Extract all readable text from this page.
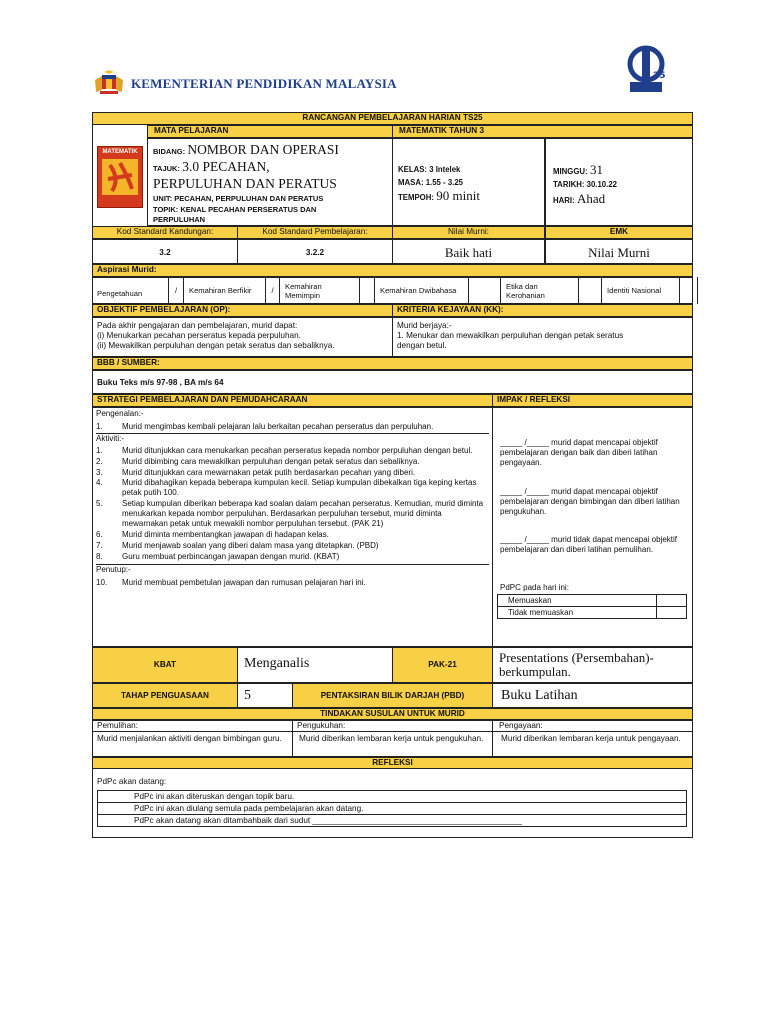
KEMENTERIAN PENDIDIKAN MALAYSIA	25
RANCANGAN PEMBELAJARAN HARIAN TS25
MATA PELAJARAN	MATEMATIK TAHUN 3
MATEMATIK	BIDANG: NOMBOR DAN OPERASI
TAJUK: 3.0 PECAHAN,
PERPULUHAN DAN PERATUS
UNIT: PECAHAN, PERPULUHAN DAN PERATUS
TOPIK: KENAL PECAHAN PERSERATUS DAN
PERPULUHAN
KELAS: 3 Intelek
MASA: 1.55 - 3.25
TEMPOH: 90 minit
MINGGU: 31
TARIKH: 30.10.22
HARI: Ahad
Kod Standard Kandungan:	Kod Standard Pembelajaran:	Nilai Murni:	EMK
3.2	3.2.2	Baik hati	Nilai Murni
Aspirasi Murid:
Pengetahuan	/	Kemahiran Berfikir	/	Kemahiran Memimpin	Kemahiran Dwibahasa	Etika dan Kerohanian	Identiti Nasional
OBJEKTIF PEMBELAJARAN (OP):	KRITERIA KEJAYAAN (KK):
Pada akhir pengajaran dan pembelajaran, murid dapat:
(i) Menukarkan pecahan perseratus kepada perpuluhan.
(ii) Mewakilkan perpuluhan dengan petak seratus dan sebaliknya.
Murid berjaya:-
1. Menukar dan mewakilkan perpuluhan dengan petak seratus
dengan betul.
BBB / SUMBER:
Buku Teks m/s 97-98 , BA m/s 64
STRATEGI PEMBELAJARAN DAN PEMUDAHCARAAN	IMPAK / REFLEKSI
Pengenalan:-
1. Murid mengimbas kembali pelajaran lalu berkaitan pecahan perseratus dan perpuluhan.
Aktiviti:-
1. Murid ditunjukkan cara menukarkan pecahan perseratus kepada nombor perpuluhan dengan betul.
2. Murid dibimbing cara mewakilkan perpuluhan dengan petak seratus dan sebaliknya.
3. Murid ditunjukkan cara mewarnakan petak putih berdasarkan pecahan yang diberi.
4. Murid dibahagikan kepada beberapa kumpulan kecil. Setiap kumpulan dibekalkan tiga keping kertas petak putih 100.
5. Setiap kumpulan diberikan beberapa kad soalan dalam pecahan perseratus. Kemudian, murid diminta menukarkan kepada nombor perpuluhan. Berdasarkan perpuluhan tersebut, murid diminta mewarnakan petak untuk mewakili nombor perpuluhan tersebut. (PAK 21)
6. Murid diminta membentangkan jawapan di hadapan kelas.
7. Murid menjawab soalan yang diberi dalam masa yang ditetapkan. (PBD)
8. Guru membuat perbincangan jawapan dengan murid. (KBAT)
Penutup:-
10. Murid membuat pembetulan jawapan dan rumusan pelajaran hari ini.
_____ /_____ murid dapat mencapai objektif pembelajaran dengan baik dan diberi latihan pengayaan.
_____ /_____ murid dapat mencapai objektif pembelajaran dengan bimbingan dan diberi latihan pengukuhan.
_____ /_____ murid tidak dapat mencapai objektif pembelajaran dan diberi latihan pemulihan.
PdPC pada hari ini:
Memuaskan
Tidak memuaskan
KBAT	Menganalis	PAK-21	Presentations (Persembahan)-
berkumpulan.
TAHAP PENGUASAAN	5	PENTAKSIRAN BILIK DARJAH (PBD)	Buku Latihan
TINDAKAN SUSULAN UNTUK MURID
Pemulihan:	Pengukuhan:	Pengayaan:
Murid menjalankan aktiviti dengan bimbingan guru.	Murid diberikan lembaran kerja untuk pengukuhan.	Murid diberikan lembaran kerja untuk pengayaan.
REFLEKSI
PdPc akan datang:
PdPc ini akan diteruskan dengan topik baru.
PdPc ini akan diulang semula pada pembelajaran akan datang.
PdPc akan datang akan ditambahbaik dari sudut ______________________________________________
